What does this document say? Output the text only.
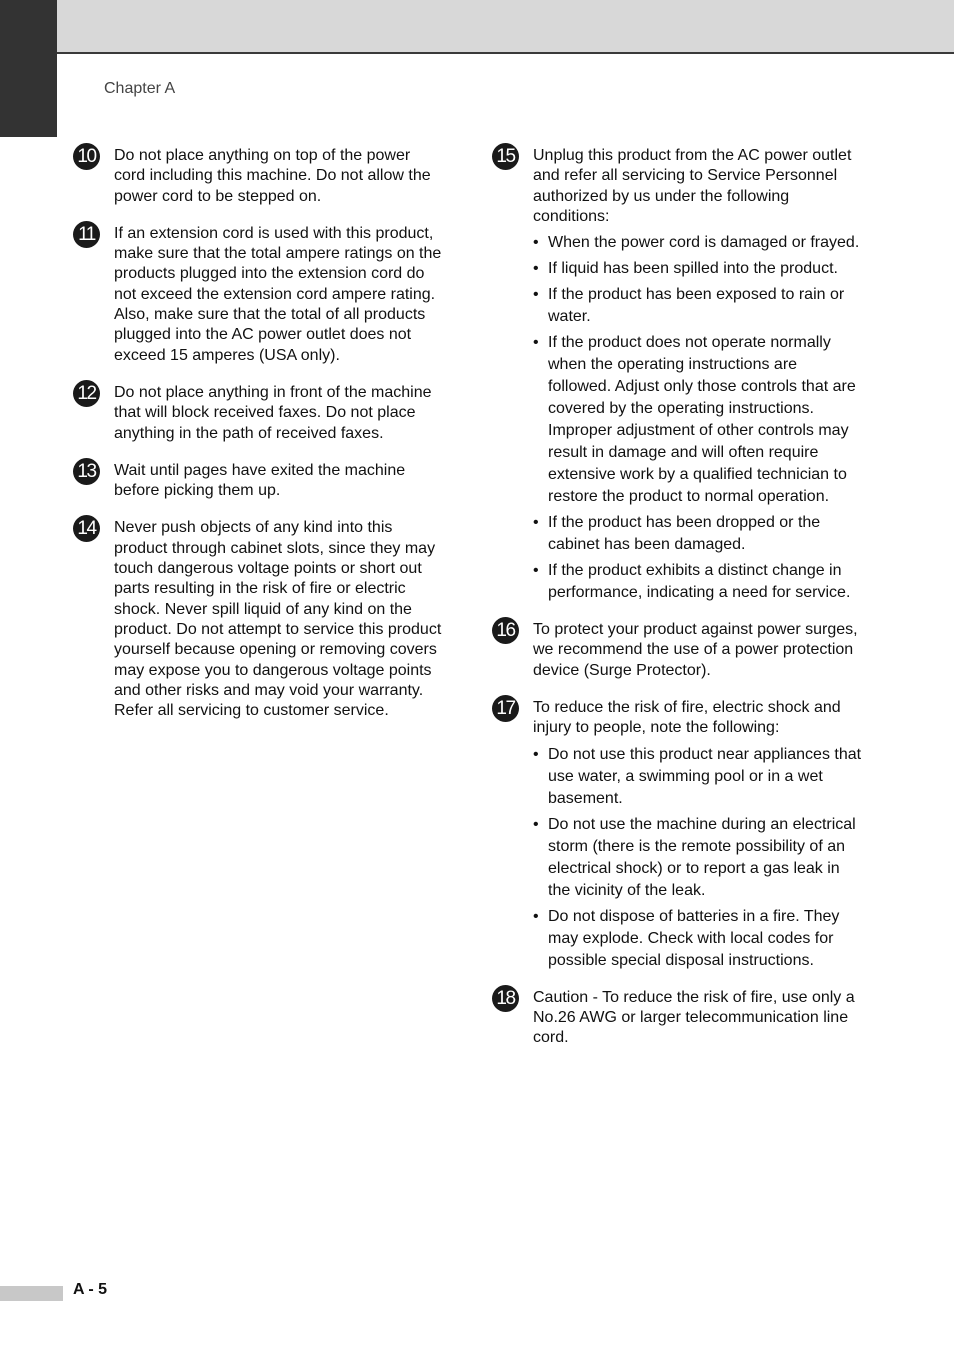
Chapter A
10 Do not place anything on top of the power cord including this machine. Do not allow the power cord to be stepped on.

11	If an extension cord is used with this product, make sure that the total ampere ratings on the products plugged into the extension cord do not exceed the extension cord ampere rating. Also, make sure that the total of all products plugged into the AC power outlet does not exceed 15 amperes (USA only).

12 Do not place anything in front of the machine that will block received faxes. Do not place anything in the path of received faxes.

13 Wait until pages have exited the machine before picking them up.

14 Never push objects of any kind into this product through cabinet slots, since they may touch dangerous voltage points or short out parts resulting in the risk of fire or electric shock. Never spill liquid of any kind on the product. Do not attempt to service this product yourself because opening or removing covers may expose you to dangerous voltage points and other risks and may void your warranty. Refer all servicing to customer service.

15 Unplug this product from the AC power outlet and refer all servicing to Service Personnel authorized by us under the following conditions:

• When the power cord is damaged or frayed.
• If liquid has been spilled into the product.
• If the product has been exposed to rain or water.
• If the product does not operate normally when the operating instructions are followed. Adjust only those controls that are covered by the operating instructions. Improper adjustment of other controls may result in damage and will often require extensive work by a qualified technician to restore the product to normal operation.
• If the product has been dropped or the cabinet has been damaged.
• If the product exhibits a distinct change in performance, indicating a need for service.
16 To protect your product against power surges, we recommend the use of a power protection device (Surge Protector).

17 To reduce the risk of fire, electric shock and injury to people, note the following:

• Do not use this product near appliances that use water, a swimming pool or in a wet basement.
• Do not use the machine during an electrical storm (there is the remote possibility of an electrical shock) or to report a gas leak in the vicinity of the leak.
• Do not dispose of batteries in a fire. They may explode. Check with local codes for possible special disposal instructions.
18 Caution - To reduce the risk of fire, use only a No.26 AWG or larger telecommunication line cord.

A - 5
